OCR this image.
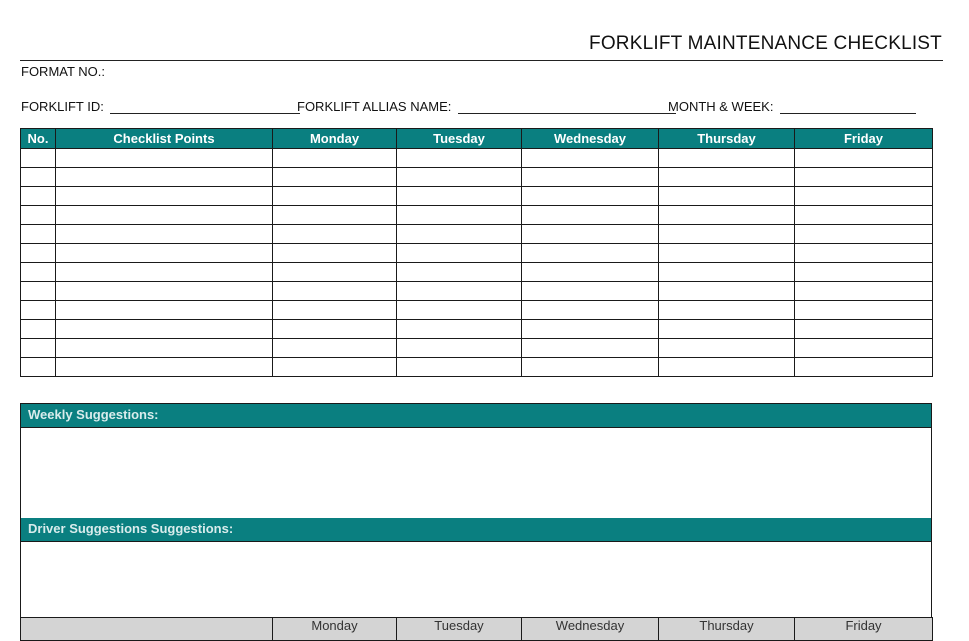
FORKLIFT MAINTENANCE CHECKLIST
FORMAT NO.:
FORKLIFT ID:	FORKLIFT ALLIAS NAME:	MONTH & WEEK:
No.	Checklist Points	Monday	Tuesday	Wednesday	Thursday	Friday

Weekly Suggestions:
Driver Suggestions Suggestions:
	Monday	Tuesday	Wednesday	Thursday	Friday
